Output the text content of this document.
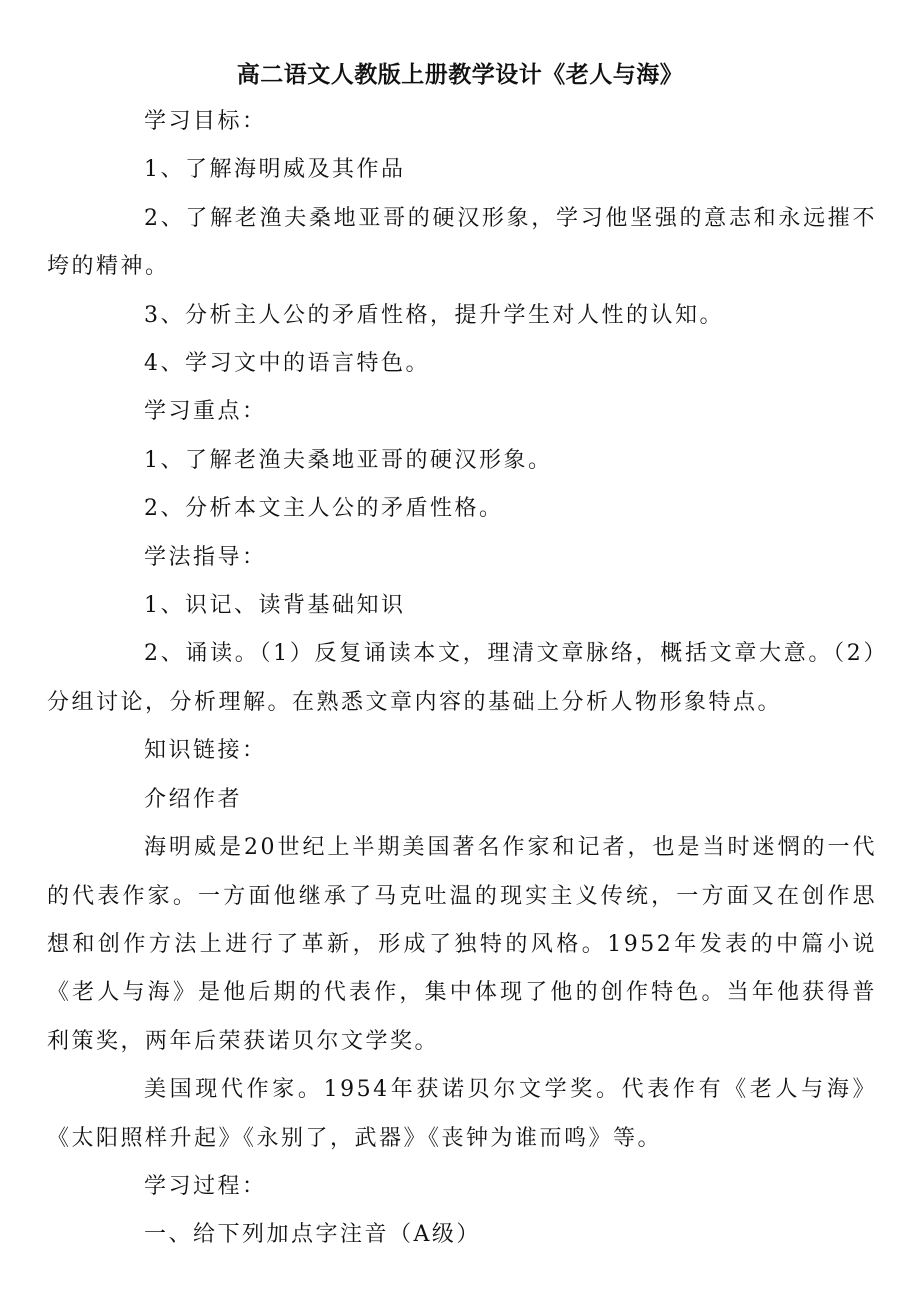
高二语文人教版上册教学设计《老人与海》

学习目标：

1、了解海明威及其作品

2、了解老渔夫桑地亚哥的硬汉形象，学习他坚强的意志和永远摧不垮的精神。

3、分析主人公的矛盾性格，提升学生对人性的认知。

4、学习文中的语言特色。

学习重点：

1、了解老渔夫桑地亚哥的硬汉形象。

2、分析本文主人公的矛盾性格。

学法指导：

1、识记、读背基础知识

2、诵读。（1）反复诵读本文，理清文章脉络，概括文章大意。（2）分组讨论，分析理解。在熟悉文章内容的基础上分析人物形象特点。

知识链接：

介绍作者

海明威是20世纪上半期美国著名作家和记者，也是当时迷惘的一代的代表作家。一方面他继承了马克吐温的现实主义传统，一方面又在创作思想和创作方法上进行了革新，形成了独特的风格。1952年发表的中篇小说《老人与海》是他后期的代表作，集中体现了他的创作特色。当年他获得普利策奖，两年后荣获诺贝尔文学奖。

美国现代作家。1954年获诺贝尔文学奖。代表作有《老人与海》《太阳照样升起》《永别了，武器》《丧钟为谁而鸣》等。

学习过程：

一、给下列加点字注音（A级）
